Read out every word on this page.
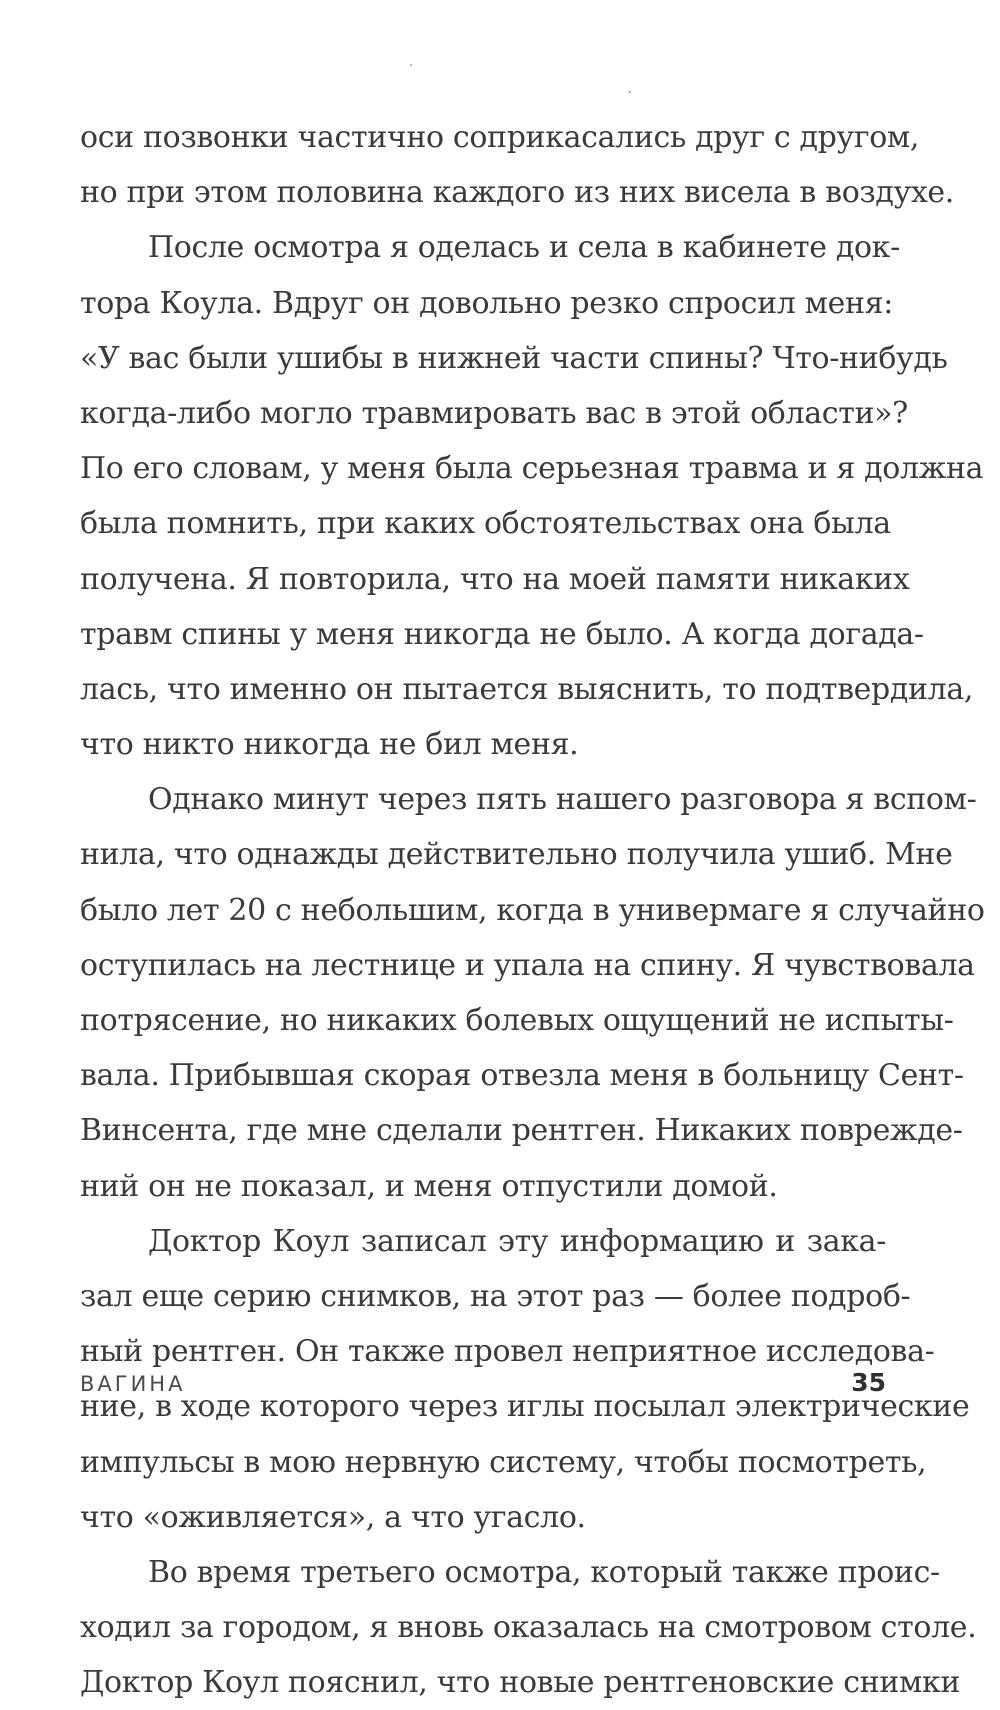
оси позвонки частично соприкасались друг с другом,
но при этом половина каждого из них висела в воздухе.
После осмотра я оделась и села в кабинете док-
тора Коула. Вдруг он довольно резко спросил меня:
«У вас были ушибы в нижней части спины? Что-нибудь
когда-либо могло травмировать вас в этой области»?
По его словам, у меня была серьезная травма и я должна
была помнить, при каких обстоятельствах она была
получена. Я повторила, что на моей памяти никаких
травм спины у меня никогда не было. А когда догада-
лась, что именно он пытается выяснить, то подтвердила,
что никто никогда не бил меня.
Однако минут через пять нашего разговора я вспом-
нила, что однажды действительно получила ушиб. Мне
было лет 20 с небольшим, когда в универмаге я случайно
оступилась на лестнице и упала на спину. Я чувствовала
потрясение, но никаких болевых ощущений не испыты-
вала. Прибывшая скорая отвезла меня в больницу Сент-
Винсента, где мне сделали рентген. Никаких поврежде-
ний он не показал, и меня отпустили домой.
Доктор Коул записал эту информацию и зака-
зал еще серию снимков, на этот раз — более подроб-
ный рентген. Он также провел неприятное исследова-
ние, в ходе которого через иглы посылал электрические
импульсы в мою нервную систему, чтобы посмотреть,
что «оживляется», а что угасло.
Во время третьего осмотра, который также проис-
ходил за городом, я вновь оказалась на смотровом столе.
Доктор Коул пояснил, что новые рентгеновские снимки
ВАГИНА	35
